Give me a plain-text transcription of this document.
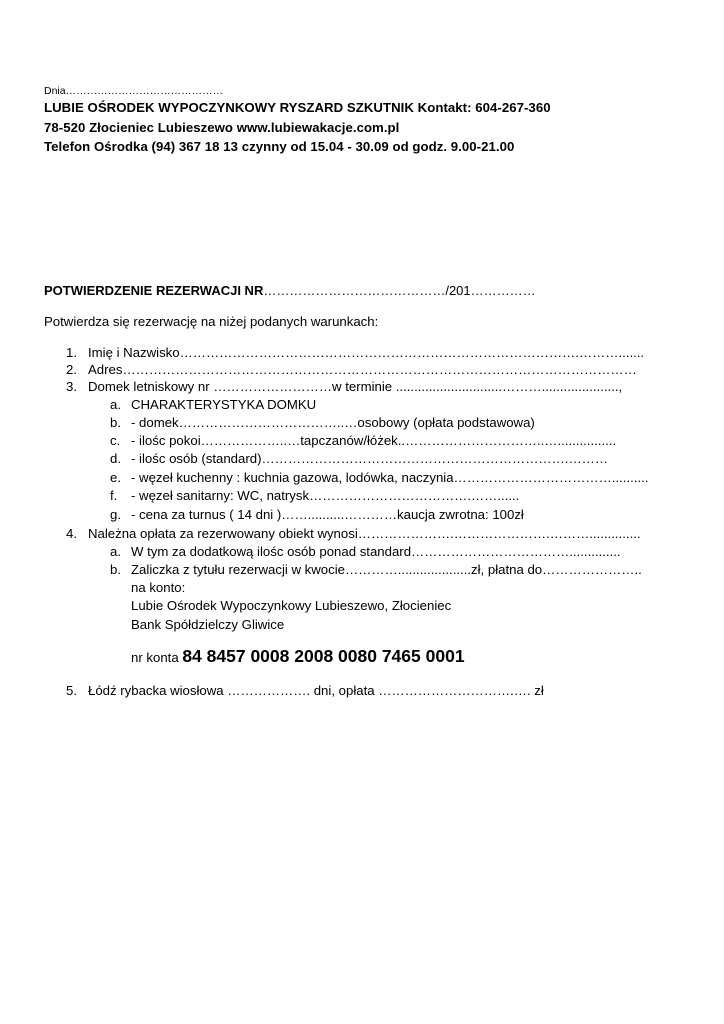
Dnia………………………………………
LUBIE OŚRODEK WYPOCZYNKOWY RYSZARD SZKUTNIK Kontakt: 604-267-360
78-520 Złocieniec Lubieszewo www.lubiewakacje.com.pl
Telefon Ośrodka (94) 367 18 13 czynny od 15.04 - 30.09 od godz. 9.00-21.00
POTWIERDZENIE REZERWACJI NR……………………………………/201……………
Potwierdza się rezerwację na niżej podanych warunkach:
1. Imię i Nazwisko……………………………………………………………………………….……….......
2. Adres………………………………………………………………………………………………………
3. Domek letniskowy nr ………………………w terminie .............................……….....................,
a. CHARAKTERYSTYKA DOMKU
b. - domek………………………………..…osobowy (opłata podstawowa)
c. - ilośc pokoi………………..…tapczanów/łóżek..…………………………..…................
d. - ilośc osób (standard)…………………………………………………………….………
e. - węzeł kuchenny : kuchnia gazowa, lodówka, naczynia………………………………..........
f. - węzeł sanitarny: WC, natrysk……………………………….……......
g. - cena za turnus ( 14 dni )……..........…………kaucja zwrotna: 100zł
4. Należna opłata za rezerwowany obiekt wynosi………………….………………….………..............
a. W tym za dodatkową ilośc osób ponad standard………………………………..............
b. Zaliczka z tytułu rezerwacji w kwocie…………....................zł, płatna do…………………..
na konto:
Lubie Ośrodek Wypoczynkowy Lubieszewo, Złocieniec
Bank Spółdzielczy Gliwice
nr konta 84 8457 0008 2008 0080 7465 0001
5. Łódź rybacka wiosłowa ………………. dni, opłata ………………………….…. zł
